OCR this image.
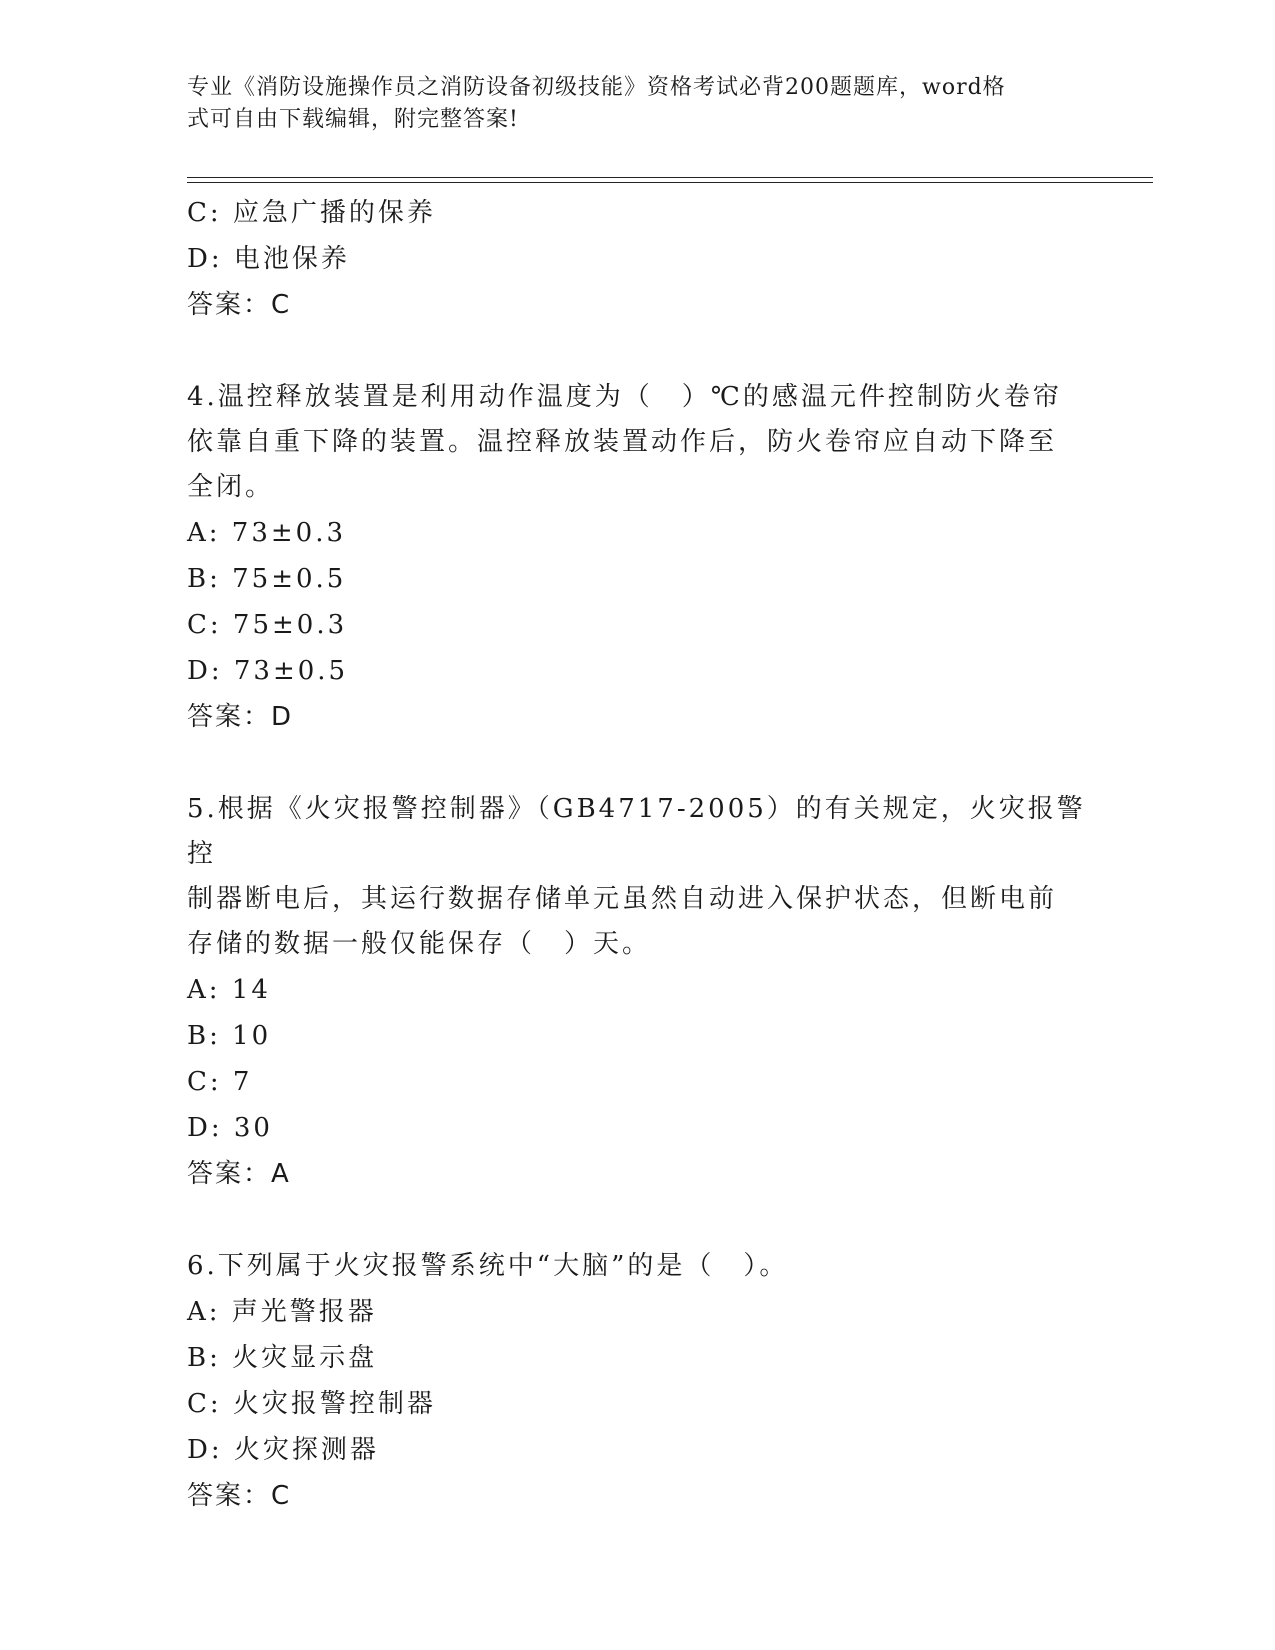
专业《消防设施操作员之消防设备初级技能》资格考试必背200题题库，word格
式可自由下载编辑，附完整答案!
C: 应急广播的保养
D: 电池保养
答案：C
4.温控释放装置是利用动作温度为（　）℃的感温元件控制防火卷帘
依靠自重下降的装置。温控释放装置动作后，防火卷帘应自动下降至
全闭。
A: 73±0.3
B: 75±0.5
C: 75±0.3
D: 73±0.5
答案：D
5.根据《火灾报警控制器》（GB4717-2005）的有关规定，火灾报警控
制器断电后，其运行数据存储单元虽然自动进入保护状态，但断电前
存储的数据一般仅能保存（　）天。
A: 14
B: 10
C: 7
D: 30
答案：A
6.下列属于火灾报警系统中“大脑”的是（　）。
A: 声光警报器
B: 火灾显示盘
C: 火灾报警控制器
D: 火灾探测器
答案：C
